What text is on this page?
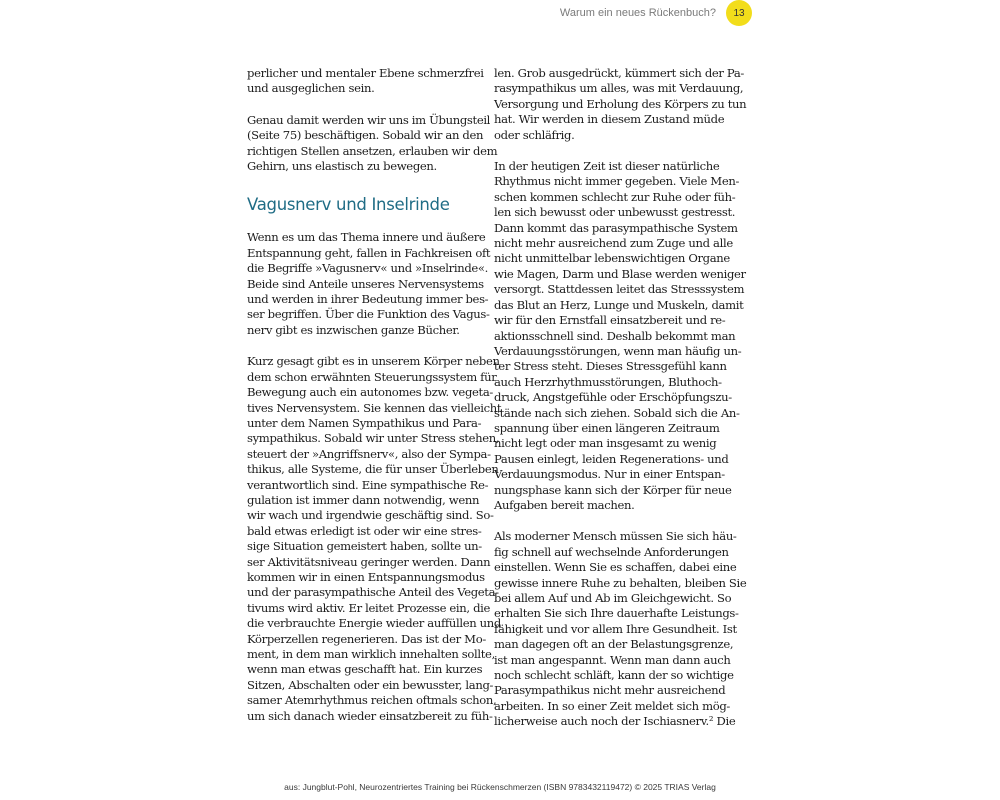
Warum ein neues Rückenbuch?	13

perlicher und mentaler Ebene schmerzfrei
und ausgeglichen sein.

Genau damit werden wir uns im Übungsteil
(Seite 75) beschäftigen. Sobald wir an den
richtigen Stellen ansetzen, erlauben wir dem
Gehirn, uns elastisch zu bewegen.

Vagusnerv und Inselrinde

Wenn es um das Thema innere und äußere
Entspannung geht, fallen in Fachkreisen oft
die Begriffe »Vagusnerv« und »Inselrinde«.
Beide sind Anteile unseres Nervensystems
und werden in ihrer Bedeutung immer bes-
ser begriffen. Über die Funktion des Vagus-
nerv gibt es inzwischen ganze Bücher.

Kurz gesagt gibt es in unserem Körper neben
dem schon erwähnten Steuerungssystem für
Bewegung auch ein autonomes bzw. vegeta-
tives Nervensystem. Sie kennen das vielleicht
unter dem Namen Sympathikus und Para-
sympathikus. Sobald wir unter Stress stehen,
steuert der »Angriffsnerv«, also der Sympa-
thikus, alle Systeme, die für unser Überleben
verantwortlich sind. Eine sympathische Re-
gulation ist immer dann notwendig, wenn
wir wach und irgendwie geschäftig sind. So-
bald etwas erledigt ist oder wir eine stres-
sige Situation gemeistert haben, sollte un-
ser Aktivitätsniveau geringer werden. Dann
kommen wir in einen Entspannungsmodus
und der parasympathische Anteil des Vegeta-
tivums wird aktiv. Er leitet Prozesse ein, die
die verbrauchte Energie wieder auffüllen und
Körperzellen regenerieren. Das ist der Mo-
ment, in dem man wirklich innehalten sollte,
wenn man etwas geschafft hat. Ein kurzes
Sitzen, Abschalten oder ein bewusster, lang-
samer Atemrhythmus reichen oftmals schon,
um sich danach wieder einsatzbereit zu füh-

len. Grob ausgedrückt, kümmert sich der Pa-
rasympathikus um alles, was mit Verdauung,
Versorgung und Erholung des Körpers zu tun
hat. Wir werden in diesem Zustand müde
oder schläfrig.

In der heutigen Zeit ist dieser natürliche
Rhythmus nicht immer gegeben. Viele Men-
schen kommen schlecht zur Ruhe oder füh-
len sich bewusst oder unbewusst gestresst.
Dann kommt das parasympathische System
nicht mehr ausreichend zum Zuge und alle
nicht unmittelbar lebenswichtigen Organe
wie Magen, Darm und Blase werden weniger
versorgt. Stattdessen leitet das Stresssystem
das Blut an Herz, Lunge und Muskeln, damit
wir für den Ernstfall einsatzbereit und re-
aktionsschnell sind. Deshalb bekommt man
Verdauungsstörungen, wenn man häufig un-
ter Stress steht. Dieses Stressgefühl kann
auch Herzrhythmusstörungen, Bluthoch-
druck, Angstgefühle oder Erschöpfungszu-
stände nach sich ziehen. Sobald sich die An-
spannung über einen längeren Zeitraum
nicht legt oder man insgesamt zu wenig
Pausen einlegt, leiden Regenerations- und
Verdauungsmodus. Nur in einer Entspan-
nungsphase kann sich der Körper für neue
Aufgaben bereit machen.

Als moderner Mensch müssen Sie sich häu-
fig schnell auf wechselnde Anforderungen
einstellen. Wenn Sie es schaffen, dabei eine
gewisse innere Ruhe zu behalten, bleiben Sie
bei allem Auf und Ab im Gleichgewicht. So
erhalten Sie sich Ihre dauerhafte Leistungs-
fähigkeit und vor allem Ihre Gesundheit. Ist
man dagegen oft an der Belastungsgrenze,
ist man angespannt. Wenn man dann auch
noch schlecht schläft, kann der so wichtige
Parasympathikus nicht mehr ausreichend
arbeiten. In so einer Zeit meldet sich mög-
licherweise auch noch der Ischiasnerv.² Die

aus: Jungblut-Pohl, Neurozentriertes Training bei Rückenschmerzen (ISBN 9783432119472) © 2025 TRIAS Verlag
